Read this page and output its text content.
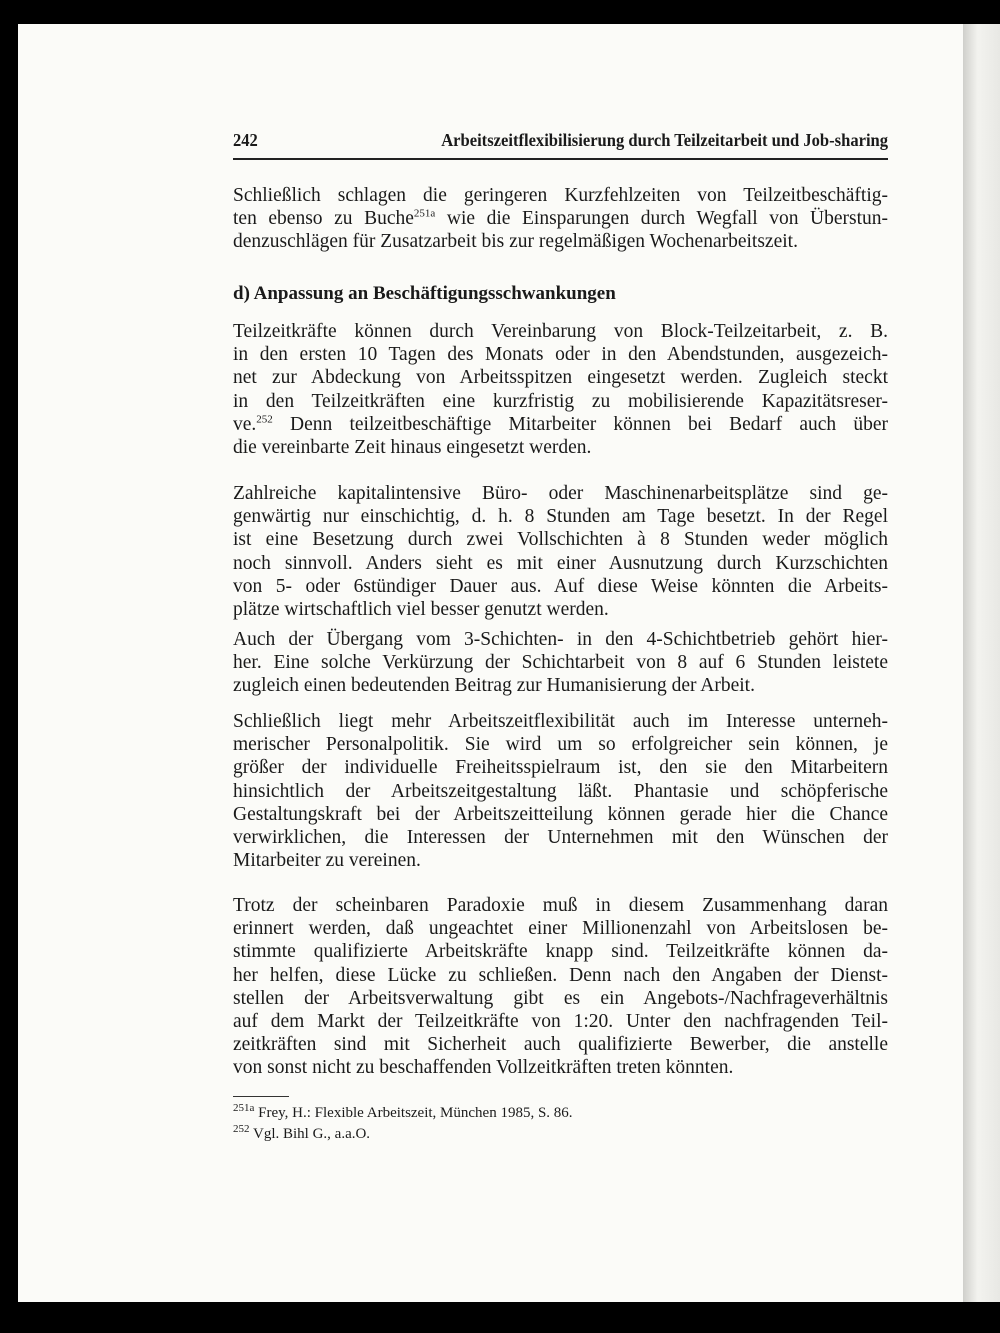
242	Arbeitszeitflexibilisierung durch Teilzeitarbeit und Job-sharing
Schließlich schlagen die geringeren Kurzfehlzeiten von Teilzeitbeschäftig-
ten ebenso zu Buche$^{251a}$ wie die Einsparungen durch Wegfall von Überstun-
denzuschlägen für Zusatzarbeit bis zur regelmäßigen Wochenarbeitszeit.
d) Anpassung an Beschäftigungsschwankungen
Teilzeitkräfte können durch Vereinbarung von Block-Teilzeitarbeit, z. B.
in den ersten 10 Tagen des Monats oder in den Abendstunden, ausgezeich-
net zur Abdeckung von Arbeitsspitzen eingesetzt werden. Zugleich steckt
in den Teilzeitkräften eine kurzfristig zu mobilisierende Kapazitätsreser-
ve.$^{252}$ Denn teilzeitbeschäftige Mitarbeiter können bei Bedarf auch über
die vereinbarte Zeit hinaus eingesetzt werden.
Zahlreiche kapitalintensive Büro- oder Maschinenarbeitsplätze sind ge-
genwärtig nur einschichtig, d. h. 8 Stunden am Tage besetzt. In der Regel
ist eine Besetzung durch zwei Vollschichten à 8 Stunden weder möglich
noch sinnvoll. Anders sieht es mit einer Ausnutzung durch Kurzschichten
von 5- oder 6stündiger Dauer aus. Auf diese Weise könnten die Arbeits-
plätze wirtschaftlich viel besser genutzt werden.
Auch der Übergang vom 3-Schichten- in den 4-Schichtbetrieb gehört hier-
her. Eine solche Verkürzung der Schichtarbeit von 8 auf 6 Stunden leistete
zugleich einen bedeutenden Beitrag zur Humanisierung der Arbeit.
Schließlich liegt mehr Arbeitszeitflexibilität auch im Interesse unterneh-
merischer Personalpolitik. Sie wird um so erfolgreicher sein können, je
größer der individuelle Freiheitsspielraum ist, den sie den Mitarbeitern
hinsichtlich der Arbeitszeitgestaltung läßt. Phantasie und schöpferische
Gestaltungskraft bei der Arbeitszeitteilung können gerade hier die Chance
verwirklichen, die Interessen der Unternehmen mit den Wünschen der
Mitarbeiter zu vereinen.
Trotz der scheinbaren Paradoxie muß in diesem Zusammenhang daran
erinnert werden, daß ungeachtet einer Millionenzahl von Arbeitslosen be-
stimmte qualifizierte Arbeitskräfte knapp sind. Teilzeitkräfte können da-
her helfen, diese Lücke zu schließen. Denn nach den Angaben der Dienst-
stellen der Arbeitsverwaltung gibt es ein Angebots-/Nachfrageverhältnis
auf dem Markt der Teilzeitkräfte von 1:20. Unter den nachfragenden Teil-
zeitkräften sind mit Sicherheit auch qualifizierte Bewerber, die anstelle
von sonst nicht zu beschaffenden Vollzeitkräften treten könnten.
$^{251a}$ Frey, H.: Flexible Arbeitszeit, München 1985, S. 86.
$^{252}$ Vgl. Bihl G., a.a.O.
